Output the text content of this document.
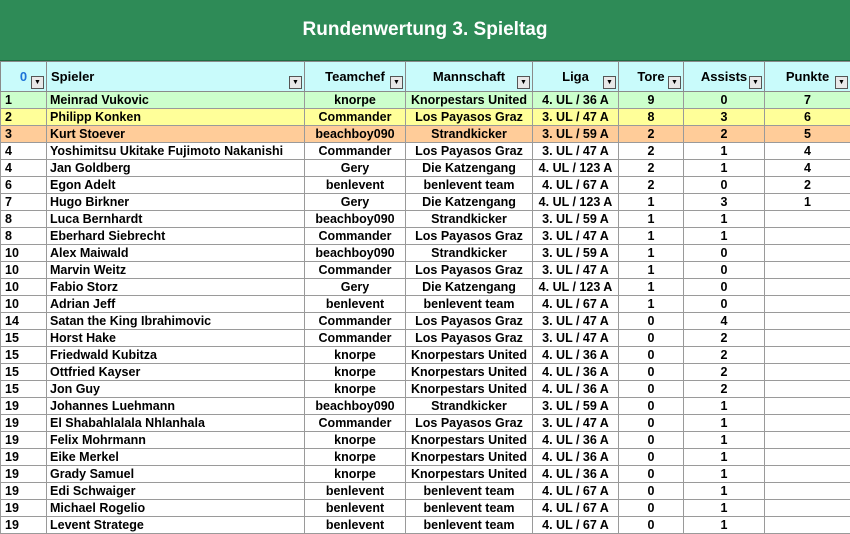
Rundenwertung 3. Spieltag
0 ▼	Spieler ▼	Teamchef ▼	Mannschaft ▼	Liga ▼	Tore ▼	Assists ▼	Punkte ▼

1	Meinrad Vukovic	knorpe	Knorpestars United	4. UL / 36 A	9	0	7
2	Philipp Konken	Commander	Los Payasos Graz	3. UL / 47 A	8	3	6
3	Kurt Stoever	beachboy090	Strandkicker	3. UL / 59 A	2	2	5
4	Yoshimitsu Ukitake Fujimoto Nakanishi	Commander	Los Payasos Graz	3. UL / 47 A	2	1	4
4	Jan Goldberg	Gery	Die Katzengang	4. UL / 123 A	2	1	4
6	Egon Adelt	benlevent	benlevent team	4. UL / 67 A	2	0	2
7	Hugo Birkner	Gery	Die Katzengang	4. UL / 123 A	1	3	1
8	Luca Bernhardt	beachboy090	Strandkicker	3. UL / 59 A	1	1	
8	Eberhard Siebrecht	Commander	Los Payasos Graz	3. UL / 47 A	1	1	
10	Alex Maiwald	beachboy090	Strandkicker	3. UL / 59 A	1	0	
10	Marvin Weitz	Commander	Los Payasos Graz	3. UL / 47 A	1	0	
10	Fabio Storz	Gery	Die Katzengang	4. UL / 123 A	1	0	
10	Adrian Jeff	benlevent	benlevent team	4. UL / 67 A	1	0	
14	Satan the King Ibrahimovic	Commander	Los Payasos Graz	3. UL / 47 A	0	4	
15	Horst Hake	Commander	Los Payasos Graz	3. UL / 47 A	0	2	
15	Friedwald Kubitza	knorpe	Knorpestars United	4. UL / 36 A	0	2	
15	Ottfried Kayser	knorpe	Knorpestars United	4. UL / 36 A	0	2	
15	Jon Guy	knorpe	Knorpestars United	4. UL / 36 A	0	2	
19	Johannes Luehmann	beachboy090	Strandkicker	3. UL / 59 A	0	1	
19	El Shabahlalala Nhlanhala	Commander	Los Payasos Graz	3. UL / 47 A	0	1	
19	Felix Mohrmann	knorpe	Knorpestars United	4. UL / 36 A	0	1	
19	Eike Merkel	knorpe	Knorpestars United	4. UL / 36 A	0	1	
19	Grady Samuel	knorpe	Knorpestars United	4. UL / 36 A	0	1	
19	Edi Schwaiger	benlevent	benlevent team	4. UL / 67 A	0	1	
19	Michael Rogelio	benlevent	benlevent team	4. UL / 67 A	0	1	
19	Levent Stratege	benlevent	benlevent team	4. UL / 67 A	0	1	
